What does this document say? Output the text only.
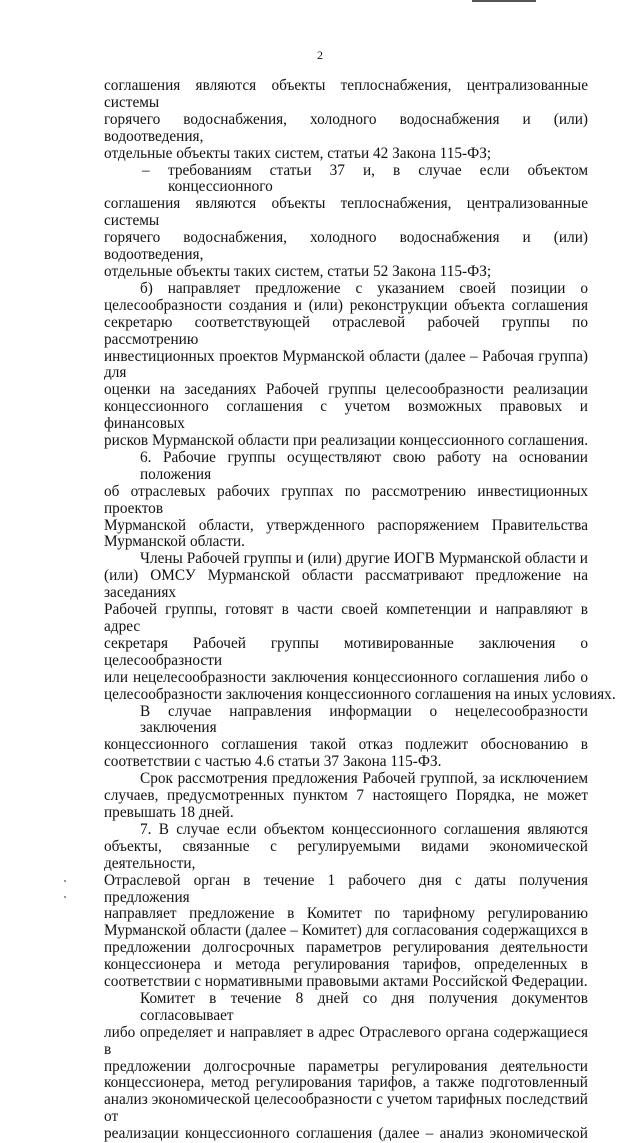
2
соглашения являются объекты теплоснабжения, централизованные системы
горячего водоснабжения, холодного водоснабжения и (или) водоотведения,
отдельные объекты таких систем, статьи 42 Закона 115-ФЗ;
–	требованиям статьи 37 и, в случае если объектом концессионного
соглашения являются объекты теплоснабжения, централизованные системы
горячего водоснабжения, холодного водоснабжения и (или) водоотведения,
отдельные объекты таких систем, статьи 52 Закона 115-ФЗ;
б) направляет предложение с указанием своей позиции о
целесообразности создания и (или) реконструкции объекта соглашения
секретарю соответствующей отраслевой рабочей группы по рассмотрению
инвестиционных проектов Мурманской области (далее – Рабочая группа) для
оценки на заседаниях Рабочей группы целесообразности реализации
концессионного соглашения с учетом возможных правовых и финансовых
рисков Мурманской области при реализации концессионного соглашения.
6. Рабочие группы осуществляют свою работу на основании положения
об отраслевых рабочих группах по рассмотрению инвестиционных проектов
Мурманской области, утвержденного распоряжением Правительства
Мурманской области.
Члены Рабочей группы и (или) другие ИОГВ Мурманской области и
(или) ОМСУ Мурманской области рассматривают предложение на заседаниях
Рабочей группы, готовят в части своей компетенции и направляют в адрес
секретаря Рабочей группы мотивированные заключения о целесообразности
или нецелесообразности заключения концессионного соглашения либо о
целесообразности заключения концессионного соглашения на иных условиях.
В случае направления информации о нецелесообразности заключения
концессионного соглашения такой отказ подлежит обоснованию в
соответствии с частью 4.6 статьи 37 Закона 115-ФЗ.
Срок рассмотрения предложения Рабочей группой, за исключением
случаев, предусмотренных пунктом 7 настоящего Порядка, не может
превышать 18 дней.
7. В случае если объектом концессионного соглашения являются
объекты, связанные с регулируемыми видами экономической деятельности,
Отраслевой орган в течение 1 рабочего дня с даты получения предложения
направляет предложение в Комитет по тарифному регулированию
Мурманской области (далее – Комитет) для согласования содержащихся в
предложении долгосрочных параметров регулирования деятельности
концессионера и метода регулирования тарифов, определенных в
соответствии с нормативными правовыми актами Российской Федерации.
Комитет в течение 8 дней со дня получения документов согласовывает
либо определяет и направляет в адрес Отраслевого органа содержащиеся в
предложении долгосрочные параметры регулирования деятельности
концессионера, метод регулирования тарифов, а также подготовленный
анализ экономической целесообразности с учетом тарифных последствий от
реализации концессионного соглашения (далее – анализ экономической
